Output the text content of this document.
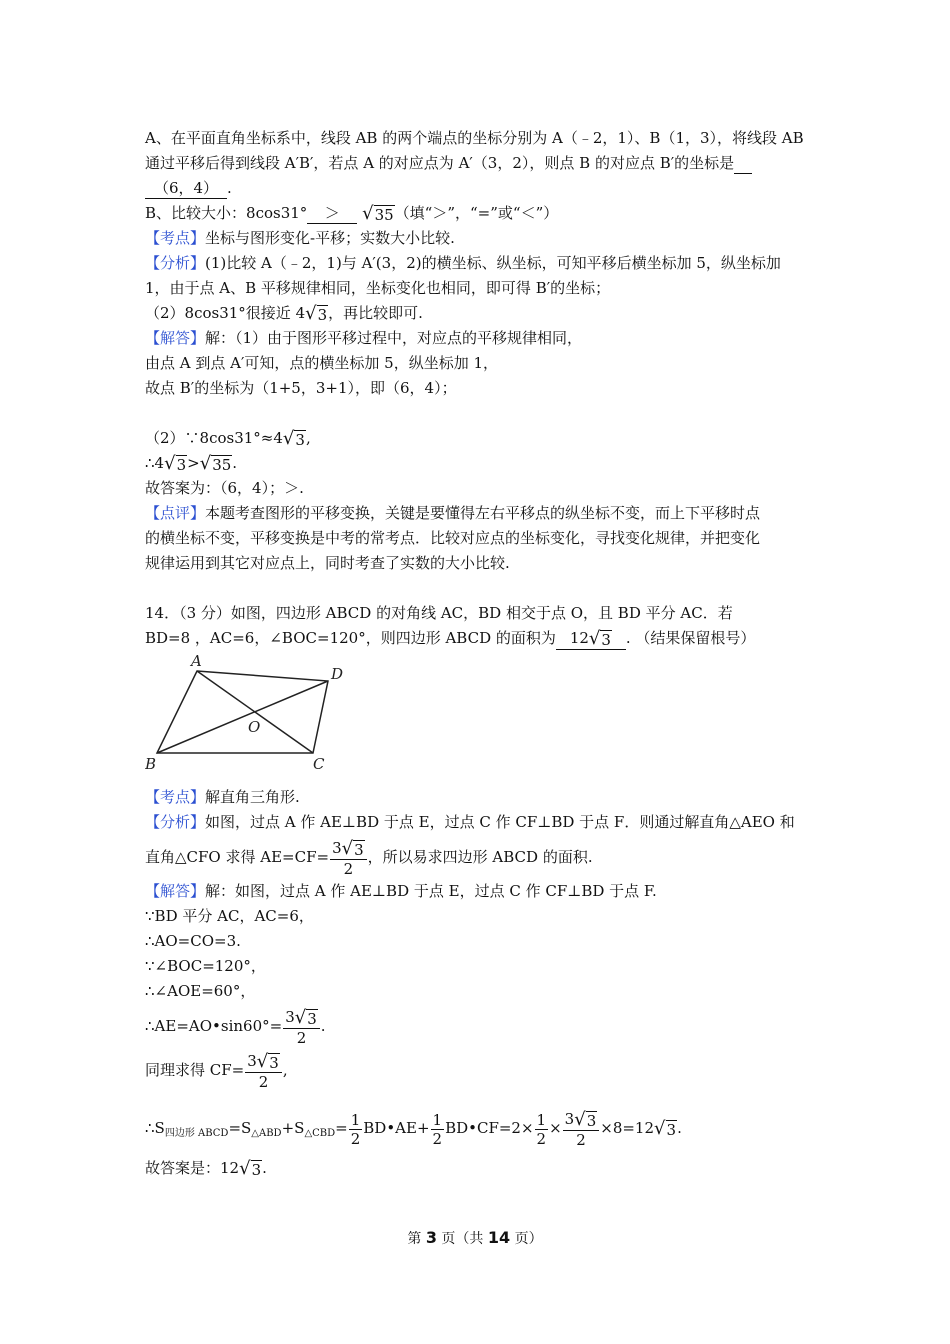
A、在平面直角坐标系中，线段 AB 的两个端点的坐标分别为 A（﹣2，1）、B（1，3），将线段 AB
通过平移后得到线段 A′B′，若点 A 的对应点为 A′（3，2），则点 B 的对应点 B′的坐标是
（6，4） .
B、比较大小：8cos31° ＞ √ 35 （填“＞”，“=”或“＜”）
【考点】坐标与图形变化-平移；实数大小比较.
【分析】(1)比较 A（﹣2，1)与 A′(3，2)的横坐标、纵坐标，可知平移后横坐标加 5，纵坐标加
1，由于点 A、B 平移规律相同，坐标变化也相同，即可得 B′的坐标；
（2）8cos31°很接近 4 √ 3 ，再比较即可.
【解答】解：（1）由于图形平移过程中，对应点的平移规律相同，
由点 A 到点 A′可知，点的横坐标加 5，纵坐标加 1，
故点 B′的坐标为（1+5，3+1），即（6，4）；
（2）∵8cos31°≈4 √ 3 ,
∴4 √ 3 > √ 35 .
故答案为：（6，4）；＞.
【点评】本题考查图形的平移变换，关键是要懂得左右平移点的纵坐标不变，而上下平移时点
的横坐标不变，平移变换是中考的常考点．比较对应点的坐标变化，寻找变化规律，并把变化
规律运用到其它对应点上，同时考查了实数的大小比较.
14．（3 分）如图，四边形 ABCD 的对角线 AC，BD 相交于点 O，且 BD 平分 AC．若
BD=8 ，AC=6，∠BOC=120°，则四边形 ABCD 的面积为 12 √ 3 . （结果保留根号）
A
D
B	C
O
【考点】解直角三角形.
【分析】如图，过点 A 作 AE⊥BD 于点 E，过点 C 作 CF⊥BD 于点 F．则通过解直角△AEO 和
直角△CFO 求得 $AE=CF= \frac{3 √ 3}{2}$ ，所以易求四边形 ABCD 的面积.
【解答】解：如图，过点 A 作 AE⊥BD 于点 E，过点 C 作 CF⊥BD 于点 F.
∵BD 平分 AC，AC=6，
∴AO=CO=3.
∵∠BOC=120°，
∴∠AOE=60°，
∴AE=AO•sin60°= $\frac{3 √ 3}{2}$ .
同理求得 $CF= \frac{3 √ 3}{2}$ ,
$\therefore S_{四边形 ABCD}=S_{\triangle ABD}+S_{\triangle CBD}= \frac{1}{2}$ BD•AE+ $\frac{1}{2}$ BD•CF=2× $\frac{1}{2} \times \frac{3 √ 3}{2} \times 8=12$ √ 3 .
故答案是：12 √ 3 .
第 3 页（共 14 页）
